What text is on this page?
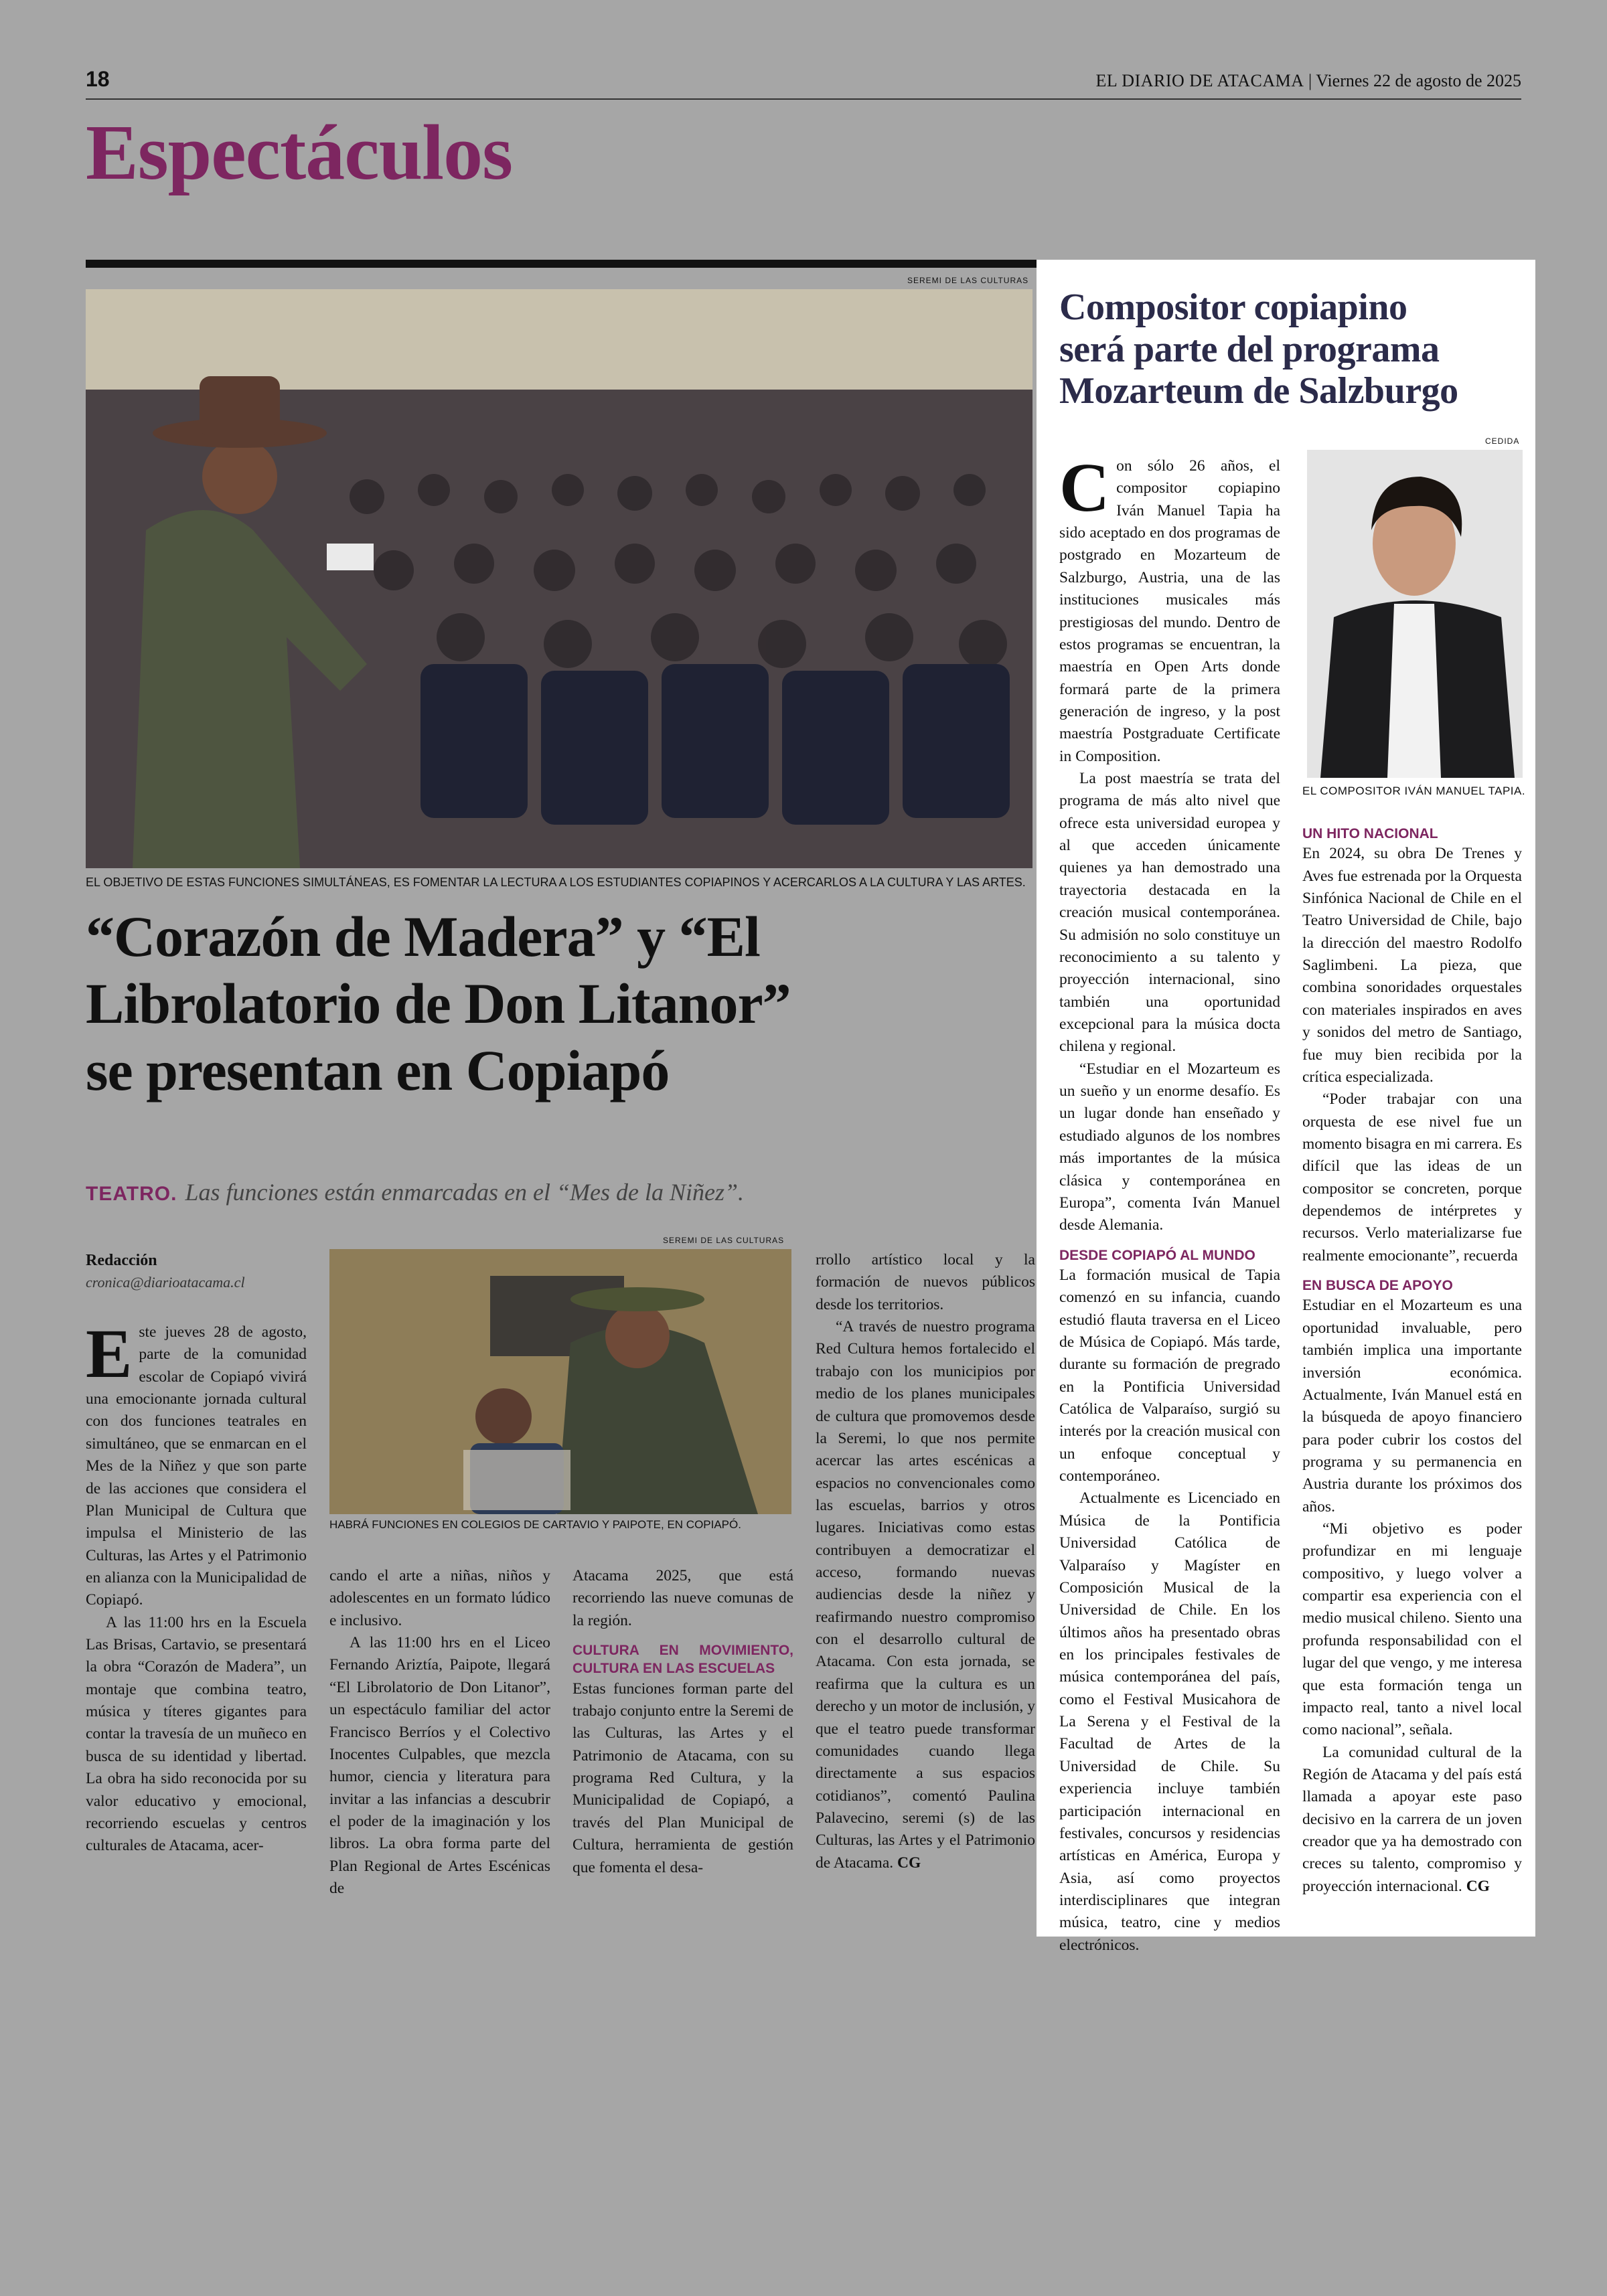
18	EL DIARIO DE ATACAMA | Viernes 22 de agosto de 2025
Espectáculos
SEREMI DE LAS CULTURAS
EL OBJETIVO DE ESTAS FUNCIONES SIMULTÁNEAS, ES FOMENTAR LA LECTURA A LOS ESTUDIANTES COPIAPINOS Y ACERCARLOS A LA CULTURA Y LAS ARTES.
“Corazón de Madera” y “El
Librolatorio de Don Litanor”
se presentan en Copiapó
TEATRO. Las funciones están enmarcadas en el “Mes de la Niñez”.
Redacción
cronica@diarioatacama.cl
SEREMI DE LAS CULTURAS
HABRÁ FUNCIONES EN COLEGIOS DE CARTAVIO Y PAIPOTE, EN COPIAPÓ.

Este jueves 28 de agosto, parte de la comunidad escolar de Copiapó vivirá una emocionante jornada cultural con dos funciones teatrales en simultáneo, que se enmarcan en el Mes de la Niñez y que son parte de las acciones que considera el Plan Municipal de Cultura que impulsa el Ministerio de las Culturas, las Artes y el Patrimonio en alianza con la Municipalidad de Copiapó.

A las 11:00 hrs en la Escuela Las Brisas, Cartavio, se presentará la obra “Corazón de Madera”, un montaje que combina teatro, música y títeres gigantes para contar la travesía de un muñeco en busca de su identidad y libertad. La obra ha sido reconocida por su valor educativo y emocional, recorriendo escuelas y centros culturales de Atacama, acer-

cando el arte a niñas, niños y adolescentes en un formato lúdico e inclusivo.

A las 11:00 hrs en el Liceo Fernando Ariztía, Paipote, llegará “El Librolatorio de Don Litanor”, un espectáculo familiar del actor Francisco Berríos y el Colectivo Inocentes Culpables, que mezcla humor, ciencia y literatura para invitar a las infancias a descubrir el poder de la imaginación y los libros. La obra forma parte del Plan Regional de Artes Escénicas de

Atacama 2025, que está recorriendo las nueve comunas de la región.

CULTURA EN MOVIMIENTO, CULTURA EN LAS ESCUELAS

Estas funciones forman parte del trabajo conjunto entre la Seremi de las Culturas, las Artes y el Patrimonio de Atacama, con su programa Red Cultura, y la Municipalidad de Copiapó, a través del Plan Municipal de Cultura, herramienta de gestión que fomenta el desa-

rrollo artístico local y la formación de nuevos públicos desde los territorios.

“A través de nuestro programa Red Cultura hemos fortalecido el trabajo con los municipios por medio de los planes municipales de cultura que promovemos desde la Seremi, lo que nos permite acercar las artes escénicas a espacios no convencionales como las escuelas, barrios y otros lugares. Iniciativas como estas contribuyen a democratizar el acceso, formando nuevas audiencias desde la niñez y reafirmando nuestro compromiso con el desarrollo cultural de Atacama. Con esta jornada, se reafirma que la cultura es un derecho y un motor de inclusión, y que el teatro puede transformar comunidades cuando llega directamente a sus espacios cotidianos”, comentó Paulina Palavecino, seremi (s) de las Culturas, las Artes y el Patrimonio de Atacama. CG

Compositor copiapino
será parte del programa
Mozarteum de Salzburgo
CEDIDA
EL COMPOSITOR IVÁN MANUEL TAPIA.

Con sólo 26 años, el compositor copiapino Iván Manuel Tapia ha sido aceptado en dos programas de postgrado en Mozarteum de Salzburgo, Austria, una de las instituciones musicales más prestigiosas del mundo. Dentro de estos programas se encuentran, la maestría en Open Arts donde formará parte de la primera generación de ingreso, y la post maestría Postgraduate Certificate in Composition.

La post maestría se trata del programa de más alto nivel que ofrece esta universidad europea y al que acceden únicamente quienes ya han demostrado una trayectoria destacada en la creación musical contemporánea. Su admisión no solo constituye un reconocimiento a su talento y proyección internacional, sino también una oportunidad excepcional para la música docta chilena y regional.

“Estudiar en el Mozarteum es un sueño y un enorme desafío. Es un lugar donde han enseñado y estudiado algunos de los nombres más importantes de la música clásica y contemporánea en Europa”, comenta Iván Manuel desde Alemania.

DESDE COPIAPÓ AL MUNDO

La formación musical de Tapia comenzó en su infancia, cuando estudió flauta traversa en el Liceo de Música de Copiapó. Más tarde, durante su formación de pregrado en la Pontificia Universidad Católica de Valparaíso, surgió su interés por la creación musical con un enfoque conceptual y contemporáneo.

Actualmente es Licenciado en Música de la Pontificia Universidad Católica de Valparaíso y Magíster en Composición Musical de la Universidad de Chile. En los últimos años ha presentado obras en los principales festivales de música contemporánea del país, como el Festival Musicahora de La Serena y el Festival de la Facultad de Artes de la Universidad de Chile. Su experiencia incluye también participación internacional en festivales, concursos y residencias artísticas en América, Europa y Asia, así como proyectos interdisciplinares que integran música, teatro, cine y medios electrónicos.

UN HITO NACIONAL

En 2024, su obra De Trenes y Aves fue estrenada por la Orquesta Sinfónica Nacional de Chile en el Teatro Universidad de Chile, bajo la dirección del maestro Rodolfo Saglimbeni. La pieza, que combina sonoridades orquestales con materiales inspirados en aves y sonidos del metro de Santiago, fue muy bien recibida por la crítica especializada.

“Poder trabajar con una orquesta de ese nivel fue un momento bisagra en mi carrera. Es difícil que las ideas de un compositor se concreten, porque dependemos de intérpretes y recursos. Verlo materializarse fue realmente emocionante”, recuerda

EN BUSCA DE APOYO

Estudiar en el Mozarteum es una oportunidad invaluable, pero también implica una importante inversión económica. Actualmente, Iván Manuel está en la búsqueda de apoyo financiero para poder cubrir los costos del programa y su permanencia en Austria durante los próximos dos años.

“Mi objetivo es poder profundizar en mi lenguaje compositivo, y luego volver a compartir esa experiencia con el medio musical chileno. Siento una profunda responsabilidad con el lugar del que vengo, y me interesa que esta formación tenga un impacto real, tanto a nivel local como nacional”, señala.

La comunidad cultural de la Región de Atacama y del país está llamada a apoyar este paso decisivo en la carrera de un joven creador que ya ha demostrado con creces su talento, compromiso y proyección internacional. CG
